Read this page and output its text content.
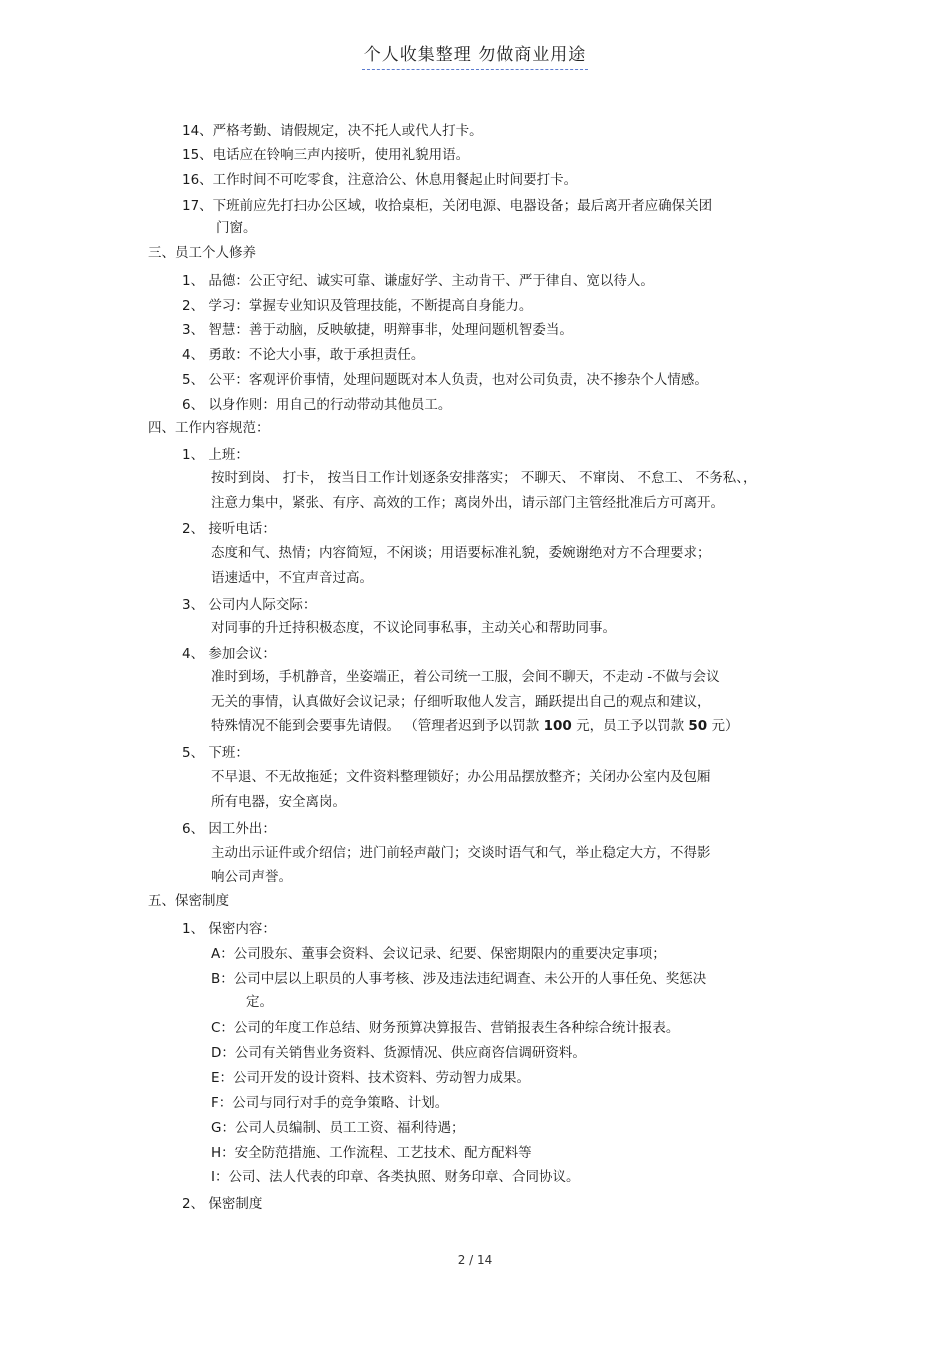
个人收集整理 勿做商业用途
14、严格考勤、请假规定，决不托人或代人打卡。
15、电话应在铃响三声内接听，使用礼貌用语。
16、工作时间不可吃零食，注意洽公、休息用餐起止时间要打卡。
17、下班前应先打扫办公区域，收拾桌柜，关闭电源、电器设备；最后离开者应确保关团
门窗。
三、员工个人修养
1、 品德：公正守纪、诚实可靠、谦虚好学、主动肯干、严于律自、宽以待人。
2、 学习：掌握专业知识及管理技能，不断提高自身能力。
3、 智慧：善于动脑，反映敏捷，明辩事非，处理问题机智委当。
4、 勇敢：不论大小事，敢于承担责任。
5、 公平：客观评价事情，处理问题既对本人负责，也对公司负责，决不掺杂个人情感。
6、 以身作则：用自己的行动带动其他员工。
四、工作内容规范：
1、 上班：
按时到岗、 打卡， 按当日工作计划逐条安排落实； 不聊天、 不窜岗、 不怠工、 不务私、，
注意力集中，紧张、有序、高效的工作；离岗外出，请示部门主管经批准后方可离开。
2、 接听电话：
态度和气、热情；内容简短，不闲谈；用语要标准礼貌，委婉谢绝对方不合理要求；
语速适中，不宜声音过高。
3、 公司内人际交际：
对同事的升迁持积极态度，不议论同事私事，主动关心和帮助同事。
4、 参加会议：
准时到场，手机静音，坐姿端正，着公司统一工服，会间不聊天，不走动 -不做与会议
无关的事情，认真做好会议记录；仔细听取他人发言，踊跃提出自己的观点和建议，
特殊情况不能到会要事先请假。 （管理者迟到予以罚款 100 元，员工予以罚款 50 元）
5、 下班：
不早退、不无故拖延；文件资料整理锁好；办公用品摆放整齐；关闭办公室内及包厢
所有电器，安全离岗。
6、 因工外出：
主动出示证件或介绍信；进门前轻声敲门；交谈时语气和气，举止稳定大方，不得影
响公司声誉。
五、保密制度
1、 保密内容：
A：公司股东、董事会资料、会议记录、纪要、保密期限内的重要决定事项；
B：公司中层以上职员的人事考核、涉及违法违纪调查、未公开的人事任免、奖惩决
定。
C：公司的年度工作总结、财务预算决算报告、营销报表生各种综合统计报表。
D：公司有关销售业务资料、货源情况、供应商咨信调研资料。
E：公司开发的设计资料、技术资料、劳动智力成果。
F：公司与同行对手的竞争策略、计划。
G：公司人员编制、员工工资、福利待遇；
H：安全防范措施、工作流程、工艺技术、配方配料等
I：公司、法人代表的印章、各类执照、财务印章、合同协议。
2、 保密制度
2 / 14
